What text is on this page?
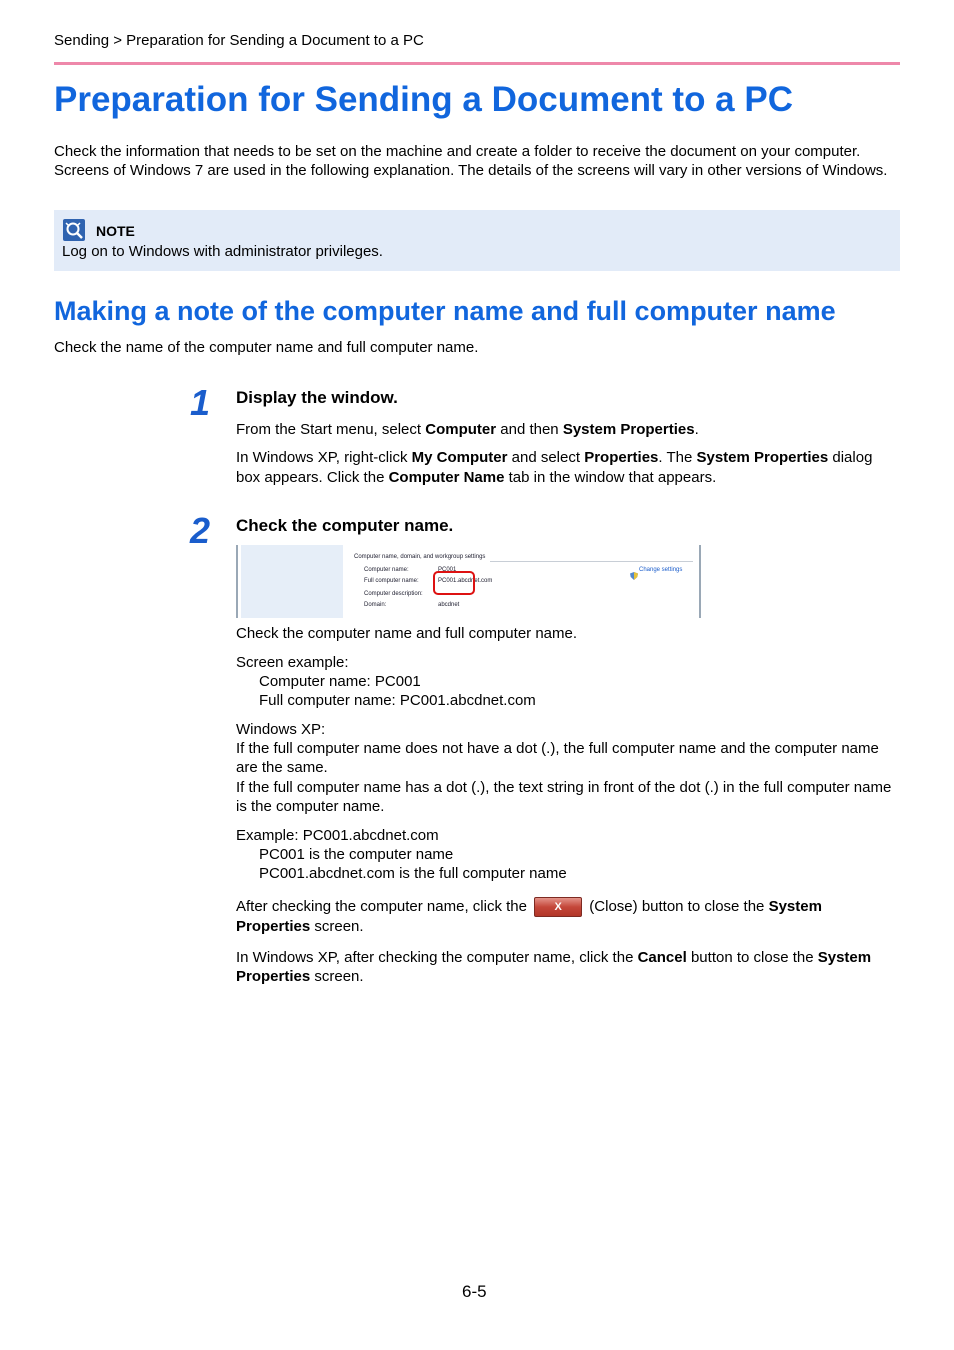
Sending > Preparation for Sending a Document to a PC
Preparation for Sending a Document to a PC
Check the information that needs to be set on the machine and create a folder to receive the document on your computer. Screens of Windows 7 are used in the following explanation. The details of the screens will vary in other versions of Windows.
NOTE
Log on to Windows with administrator privileges.
Making a note of the computer name and full computer name
Check the name of the computer name and full computer name.
1 Display the window.
From the Start menu, select Computer and then System Properties.
In Windows XP, right-click My Computer and select Properties. The System Properties dialog box appears. Click the Computer Name tab in the window that appears.
2 Check the computer name.
Computer name, domain, and workgroup settings
Computer name:	PC001
Full computer name:	PC001.abcdnet.com
Computer description:
Domain:	abcdnet
Change settings
Check the computer name and full computer name.
Screen example:
Computer name: PC001
Full computer name: PC001.abcdnet.com
Windows XP:
If the full computer name does not have a dot (.), the full computer name and the computer name are the same.
If the full computer name has a dot (.), the text string in front of the dot (.) in the full computer name is the computer name.
Example: PC001.abcdnet.com
PC001 is the computer name
PC001.abcdnet.com is the full computer name
After checking the computer name, click the X (Close) button to close the System Properties screen.
In Windows XP, after checking the computer name, click the Cancel button to close the System Properties screen.
6-5
